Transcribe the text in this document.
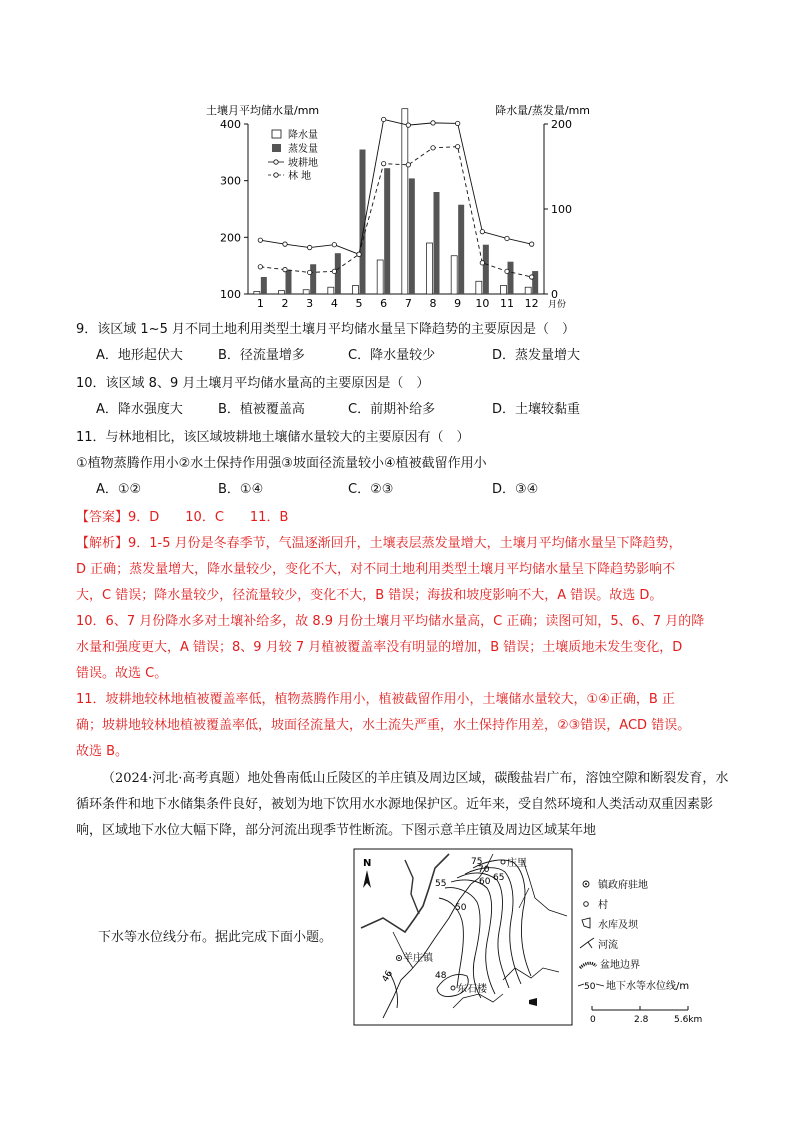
土壤月平均储水量/mm	降水量/蒸发量/mm
100
200
300
400
0
100
200
1 2 3 4 5 6 7 8 9 10 11 12 月份
降水量
蒸发量
坡耕地
林 地
9．该区域 1~5 月不同土地利用类型土壤月平均储水量呈下降趋势的主要原因是（　）
A．地形起伏大	B．径流量增多	C．降水量较少	D．蒸发量增大
10．该区域 8、9 月土壤月平均储水量高的主要原因是（　）
A．降水强度大	B．植被覆盖高	C．前期补给多	D．土壤较黏重
11．与林地相比，该区域坡耕地土壤储水量较大的主要原因有（　）
①植物蒸腾作用小②水土保持作用强③坡面径流量较小④植被截留作用小
A．①②	B．①④	C．②③	D．③④
【答案】9．D　　10．C　　11．B
【解析】9．1-5 月份是冬春季节，气温逐渐回升，土壤表层蒸发量增大，土壤月平均储水量呈下降趋势，
D 正确；蒸发量增大，降水量较少，变化不大，对不同土地利用类型土壤月平均储水量呈下降趋势影响不
大，C 错误；降水量较少，径流量较少，变化不大，B 错误；海拔和坡度影响不大，A 错误。故选 D。
10．6、7 月份降水多对土壤补给多，故 8.9 月份土壤月平均储水量高，C 正确；读图可知，5、6、7 月的降
水量和强度更大，A 错误；8、9 月较 7 月植被覆盖率没有明显的增加，B 错误；土壤质地未发生变化，D
错误。故选 C。
11．坡耕地较林地植被覆盖率低，植物蒸腾作用小，植被截留作用小，土壤储水量较大，①④正确，B 正
确；坡耕地较林地植被覆盖率低，坡面径流量大，水土流失严重，水土保持作用差，②③错误，ACD 错误。
故选 B。
（2024·河北·高考真题）地处鲁南低山丘陵区的羊庄镇及周边区域，碳酸盐岩广布，溶蚀空隙和断裂发育，水循环条件和地下水储集条件良好，被划为地下饮用水水源地保护区。近年来，受自然环境和人类活动双重因素影响，区域地下水位大幅下降，部分河流出现季节性断流。下图示意羊庄镇及周边区域某年地
下水等水位线分布。据此完成下面小题。
N	75
70
65
60
55
50
48
46
羊庄镇
庄里
东石楼
镇政府驻地
村
水库及坝
河流
盆地边界
50 地下水等水位线/m
0	2.8	5.6km
